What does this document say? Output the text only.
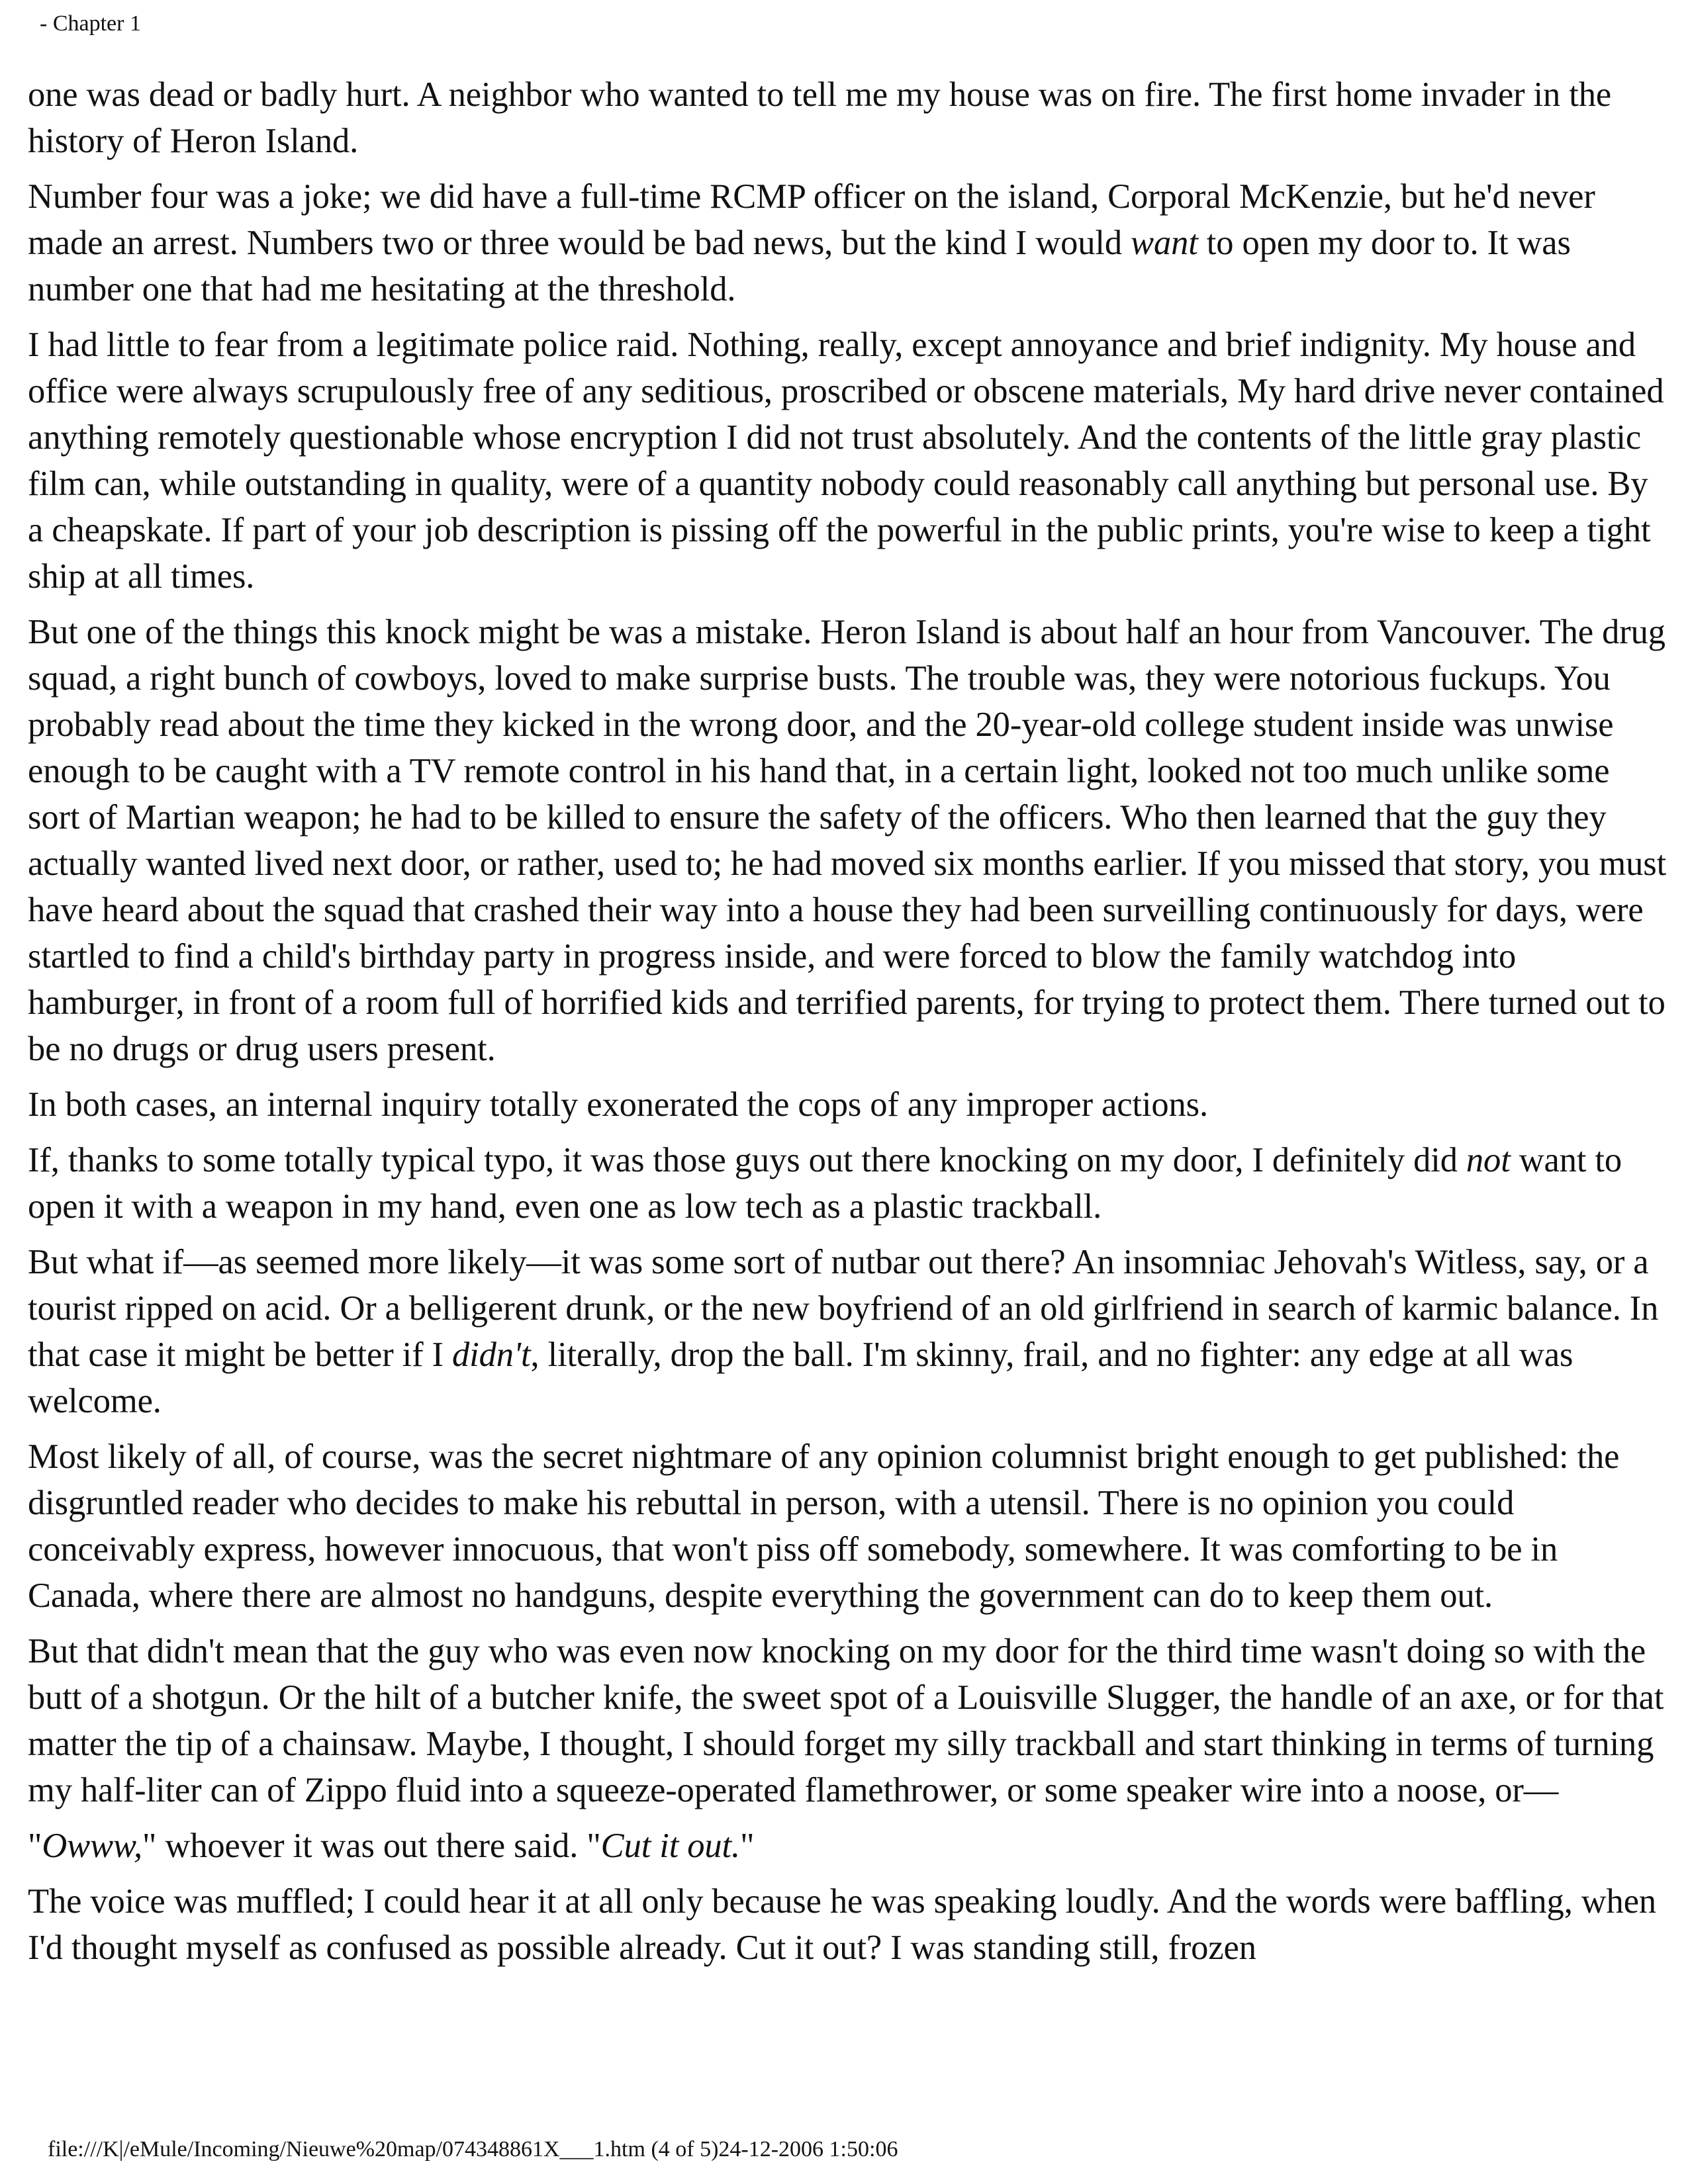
- Chapter 1

one was dead or badly hurt. A neighbor who wanted to tell me my house was on fire. The first home invader in the history of Heron Island.

Number four was a joke; we did have a full-time RCMP officer on the island, Corporal McKenzie, but he'd never made an arrest. Numbers two or three would be bad news, but the kind I would want to open my door to. It was number one that had me hesitating at the threshold.

I had little to fear from a legitimate police raid. Nothing, really, except annoyance and brief indignity. My house and office were always scrupulously free of any seditious, proscribed or obscene materials, My hard drive never contained anything remotely questionable whose encryption I did not trust absolutely. And the contents of the little gray plastic film can, while outstanding in quality, were of a quantity nobody could reasonably call anything but personal use. By a cheapskate. If part of your job description is pissing off the powerful in the public prints, you're wise to keep a tight ship at all times.

But one of the things this knock might be was a mistake. Heron Island is about half an hour from Vancouver. The drug squad, a right bunch of cowboys, loved to make surprise busts. The trouble was, they were notorious fuckups. You probably read about the time they kicked in the wrong door, and the 20-year-old college student inside was unwise enough to be caught with a TV remote control in his hand that, in a certain light, looked not too much unlike some sort of Martian weapon; he had to be killed to ensure the safety of the officers. Who then learned that the guy they actually wanted lived next door, or rather, used to; he had moved six months earlier. If you missed that story, you must have heard about the squad that crashed their way into a house they had been surveilling continuously for days, were startled to find a child's birthday party in progress inside, and were forced to blow the family watchdog into hamburger, in front of a room full of horrified kids and terrified parents, for trying to protect them. There turned out to be no drugs or drug users present.

In both cases, an internal inquiry totally exonerated the cops of any improper actions.

If, thanks to some totally typical typo, it was those guys out there knocking on my door, I definitely did not want to open it with a weapon in my hand, even one as low tech as a plastic trackball.

But what if—as seemed more likely—it was some sort of nutbar out there? An insomniac Jehovah's Witless, say, or a tourist ripped on acid. Or a belligerent drunk, or the new boyfriend of an old girlfriend in search of karmic balance. In that case it might be better if I didn't, literally, drop the ball. I'm skinny, frail, and no fighter: any edge at all was welcome.

Most likely of all, of course, was the secret nightmare of any opinion columnist bright enough to get published: the disgruntled reader who decides to make his rebuttal in person, with a utensil. There is no opinion you could conceivably express, however innocuous, that won't piss off somebody, somewhere. It was comforting to be in Canada, where there are almost no handguns, despite everything the government can do to keep them out.

But that didn't mean that the guy who was even now knocking on my door for the third time wasn't doing so with the butt of a shotgun. Or the hilt of a butcher knife, the sweet spot of a Louisville Slugger, the handle of an axe, or for that matter the tip of a chainsaw. Maybe, I thought, I should forget my silly trackball and start thinking in terms of turning my half-liter can of Zippo fluid into a squeeze-operated flamethrower, or some speaker wire into a noose, or—

"Owww," whoever it was out there said. "Cut it out."

The voice was muffled; I could hear it at all only because he was speaking loudly. And the words were baffling, when I'd thought myself as confused as possible already. Cut it out? I was standing still, frozen

file:///K|/eMule/Incoming/Nieuwe%20map/074348861X___1.htm (4 of 5)24-12-2006 1:50:06
